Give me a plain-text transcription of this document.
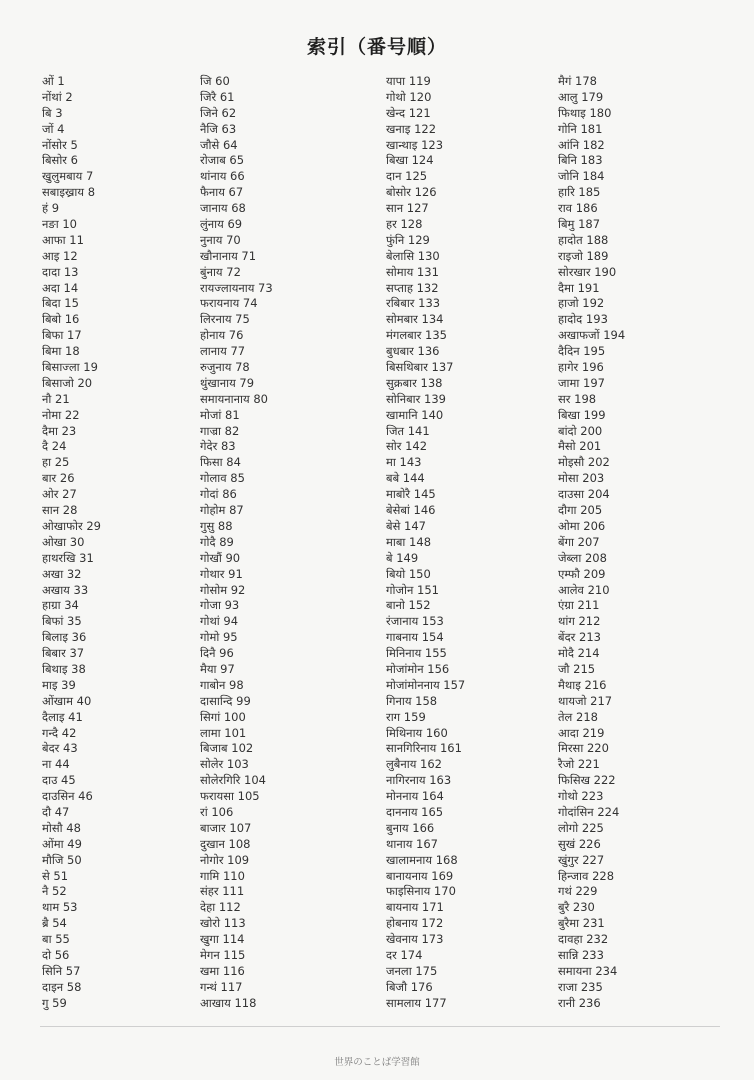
索引（番号順）
ओं 1
नोंथां 2
बि 3
जों 4
नोंसोर 5
बिसोर 6
खुलुमबाय 7
सबाइख्राय 8
हं 9
नङा 10
आफा 11
आइ 12
दादा 13
अदा 14
बिदा 15
बिबो 16
बिफा 17
बिमा 18
बिसाज्ला 19
बिसाजो 20
नौ 21
नोमा 22
दैमा 23
दै 24
हा 25
बार 26
ओर 27
सान 28
ओखाफोर 29
ओखा 30
हाथरखि 31
अखा 32
अखाय 33
हाग्रा 34
बिफां 35
बिलाइ 36
बिबार 37
बिथाइ 38
माइ 39
ओंखाम 40
दैलाइ 41
गन्दै 42
बेदर 43
ना 44
दाउ 45
दाउसिन 46
दौ 47
मोसौ 48
ओंमा 49
मौजि 50
से 51
नै 52
थाम 53
ब्रै 54
बा 55
दो 56
सिनि 57
दाइन 58
गु 59
जि 60
जिरै 61
जिने 62
नैजि 63
जौसे 64
रोजाब 65
थांनाय 66
फैनाय 67
जानाय 68
लुंनाय 69
नुनाय 70
खौनानाय 71
बुंनाय 72
रायज्लायनाय 73
फरायनाय 74
लिरनाय 75
होनाय 76
लानाय 77
रुजुनाय 78
थुंखानाय 79
समायनानाय 80
मोजां 81
गाज्रा 82
गेदेर 83
फिसा 84
गोलाव 85
गोदां 86
गोहोम 87
गुसु 88
गोदै 89
गोखौं 90
गोथार 91
गोसोम 92
गोजा 93
गोथां 94
गोमो 95
दिनै 96
मैया 97
गाबोन 98
दासान्दि 99
सिगां 100
लामा 101
बिजाब 102
सोलेर 103
सोलेरगिरि 104
फरायसा 105
रां 106
बाजार 107
दुखान 108
नोगोर 109
गामि 110
संहर 111
देहा 112
खोरो 113
खुगा 114
मेगन 115
खमा 116
गन्थं 117
आखाय 118
यापा 119
गोथो 120
खेन्द 121
खनाइ 122
खान्थाइ 123
बिखा 124
दान 125
बोसोर 126
सान 127
हर 128
फुंनि 129
बेलासि 130
सोमाय 131
सप्ताह 132
रबिबार 133
सोमबार 134
मंगलबार 135
बुधबार 136
बिसथिबार 137
सुक्रबार 138
सोनिबार 139
खामानि 140
जित 141
सोर 142
मा 143
बबे 144
माबोरै 145
बेसेबां 146
बेसे 147
माबा 148
बे 149
बियो 150
गोजोन 151
बानो 152
रंजानाय 153
गाबनाय 154
मिनिनाय 155
मोजांमोन 156
मोजांमोननाय 157
गिनाय 158
राग 159
मिथिनाय 160
सानगिरिनाय 161
लुबैनाय 162
नागिरनाय 163
मोननाय 164
दाननाय 165
बुनाय 166
थानाय 167
खालामनाय 168
बानायनाय 169
फाइसिनाय 170
बायनाय 171
होबनाय 172
खेवनाय 173
दर 174
जनला 175
बिजौ 176
सामलाय 177
मैगं 178
आलु 179
फिथाइ 180
गोनि 181
आंनि 182
बिनि 183
जोनि 184
हारि 185
राव 186
बिमु 187
हादोत 188
राइजो 189
सोरखार 190
दैमा 191
हाजो 192
हादोद 193
अखाफजों 194
दैदिन 195
हागेर 196
जामा 197
सर 198
बिखा 199
बांदो 200
मैसो 201
मोइसौ 202
मोसा 203
दाउसा 204
दौगा 205
ओमा 206
बेंगा 207
जेब्ला 208
एम्फौ 209
आलेव 210
एंग्रा 211
थांग 212
बेंदर 213
मोदै 214
जौ 215
मैथाइ 216
थायजो 217
तेल 218
आदा 219
मिरसा 220
रैजो 221
फिसिख 222
गोथो 223
गोदांसिन 224
लोगो 225
सुखं 226
खुंगुर 227
हिन्जाव 228
गथं 229
बुरै 230
बुरैमा 231
दावहा 232
सान्नि 233
समायना 234
राजा 235
रानी 236
世界のことば学習館
